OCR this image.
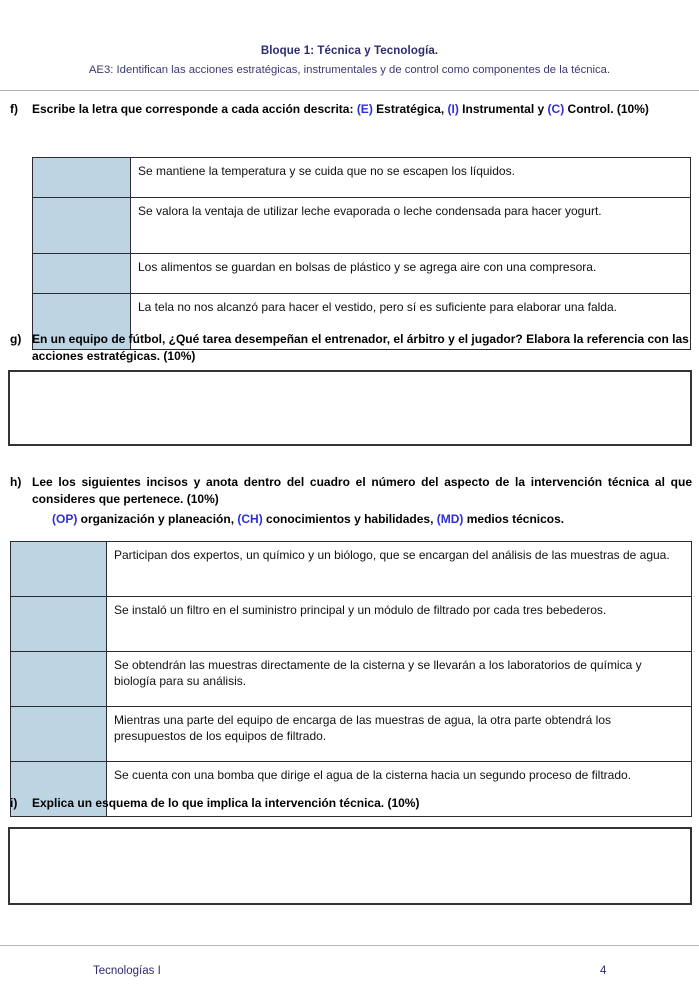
Bloque 1: Técnica y Tecnología.
AE3: Identifican las acciones estratégicas, instrumentales y de control como componentes de la técnica.
f)	Escribe la letra que corresponde a cada acción descrita: (E) Estratégica, (I) Instrumental y (C) Control. (10%)
	Se mantiene la temperatura y se cuida que no se escapen los líquidos.
	Se valora la ventaja de utilizar leche evaporada o leche condensada para hacer yogurt.
	Los alimentos se guardan en bolsas de plástico y se agrega aire con una compresora.
	La tela no nos alcanzó para hacer el vestido, pero sí es suficiente para elaborar una falda.
g) En un equipo de fútbol, ¿Qué tarea desempeñan el entrenador, el árbitro y el jugador? Elabora la referencia con las acciones estratégicas. (10%)
h) Lee los siguientes incisos y anota dentro del cuadro el número del aspecto de la intervención técnica al que consideres que pertenece. (10%)
(OP) organización y planeación, (CH) conocimientos y habilidades, (MD) medios técnicos.
	Participan dos expertos, un químico y un biólogo, que se encargan del análisis de las muestras de agua.
	Se instaló un filtro en el suministro principal y un módulo de filtrado por cada tres bebederos.
	Se obtendrán las muestras directamente de la cisterna y se llevarán a los laboratorios de química y biología para su análisis.
	Mientras una parte del equipo de encarga de las muestras de agua, la otra parte obtendrá los presupuestos de los equipos de filtrado.
	Se cuenta con una bomba que dirige el agua de la cisterna hacia un segundo proceso de filtrado.
i)	Explica un esquema de lo que implica la intervención técnica. (10%)
Tecnologías I	4
